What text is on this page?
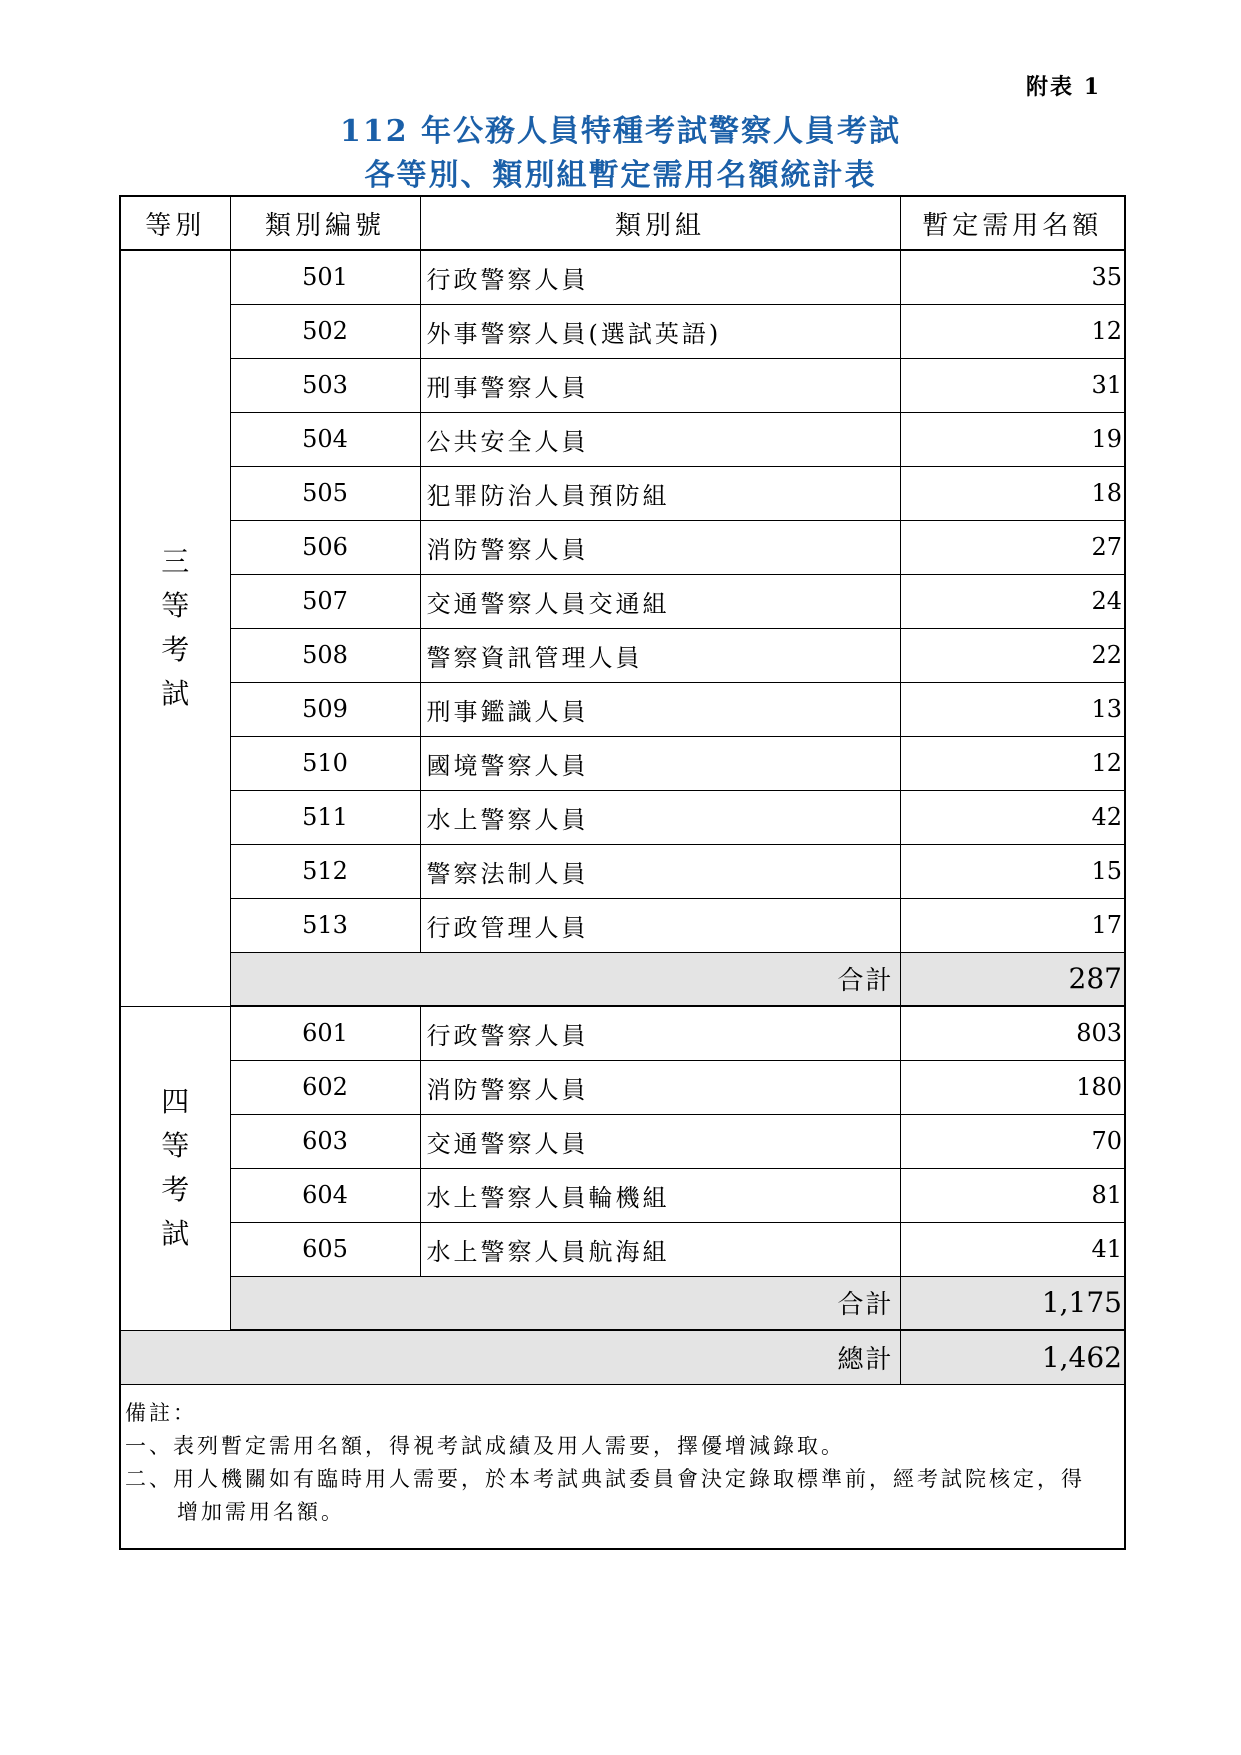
附表 1
112 年公務人員特種考試警察人員考試
各等別、類別組暫定需用名額統計表
等別	類別編號	類別組	暫定需用名額

三
等
考
試	501	行政警察人員	35
	502	外事警察人員(選試英語)	12
	503	刑事警察人員	31
	504	公共安全人員	19
	505	犯罪防治人員預防組	18
	506	消防警察人員	27
	507	交通警察人員交通組	24
	508	警察資訊管理人員	22
	509	刑事鑑識人員	13
	510	國境警察人員	12
	511	水上警察人員	42
	512	警察法制人員	15
	513	行政管理人員	17
	合計		287

四
等
考
試	601	行政警察人員	803
	602	消防警察人員	180
	603	交通警察人員	70
	604	水上警察人員輪機組	81
	605	水上警察人員航海組	41
	合計		1,175
總計			1,462

備註：
一、表列暫定需用名額，得視考試成績及用人需要，擇優增減錄取。
二、用人機關如有臨時用人需要，於本考試典試委員會決定錄取標準前，經考試院核定，得
增加需用名額。			
